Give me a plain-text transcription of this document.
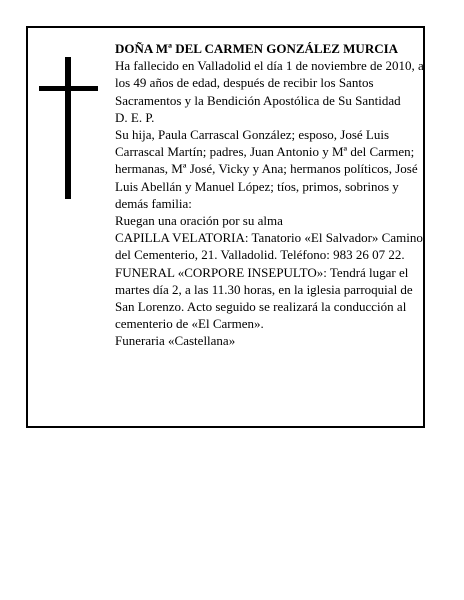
DOÑA Mª DEL CARMEN GONZÁLEZ MURCIA

Ha fallecido en Valladolid el día 1 de noviembre de 2010, a los 49 años de edad, después de recibir los Santos Sacramentos y la Bendición Apostólica de Su Santidad

D. E. P.

Su hija, Paula Carrascal González; esposo, José Luis Carrascal Martín; padres, Juan Antonio y Mª del Carmen; hermanas, Mª José, Vicky y Ana; hermanos políticos, José Luis Abellán y Manuel López; tíos, primos, sobrinos y demás familia:

Ruegan una oración por su alma

CAPILLA VELATORIA: Tanatorio «El Salvador» Camino del Cementerio, 21. Valladolid. Teléfono: 983 26 07 22.

FUNERAL «CORPORE INSEPULTO»: Tendrá lugar el martes día 2, a las 11.30 horas, en la iglesia parroquial de San Lorenzo. Acto seguido se realizará la conducción al cementerio de «El Carmen».

Funeraria «Castellana»
